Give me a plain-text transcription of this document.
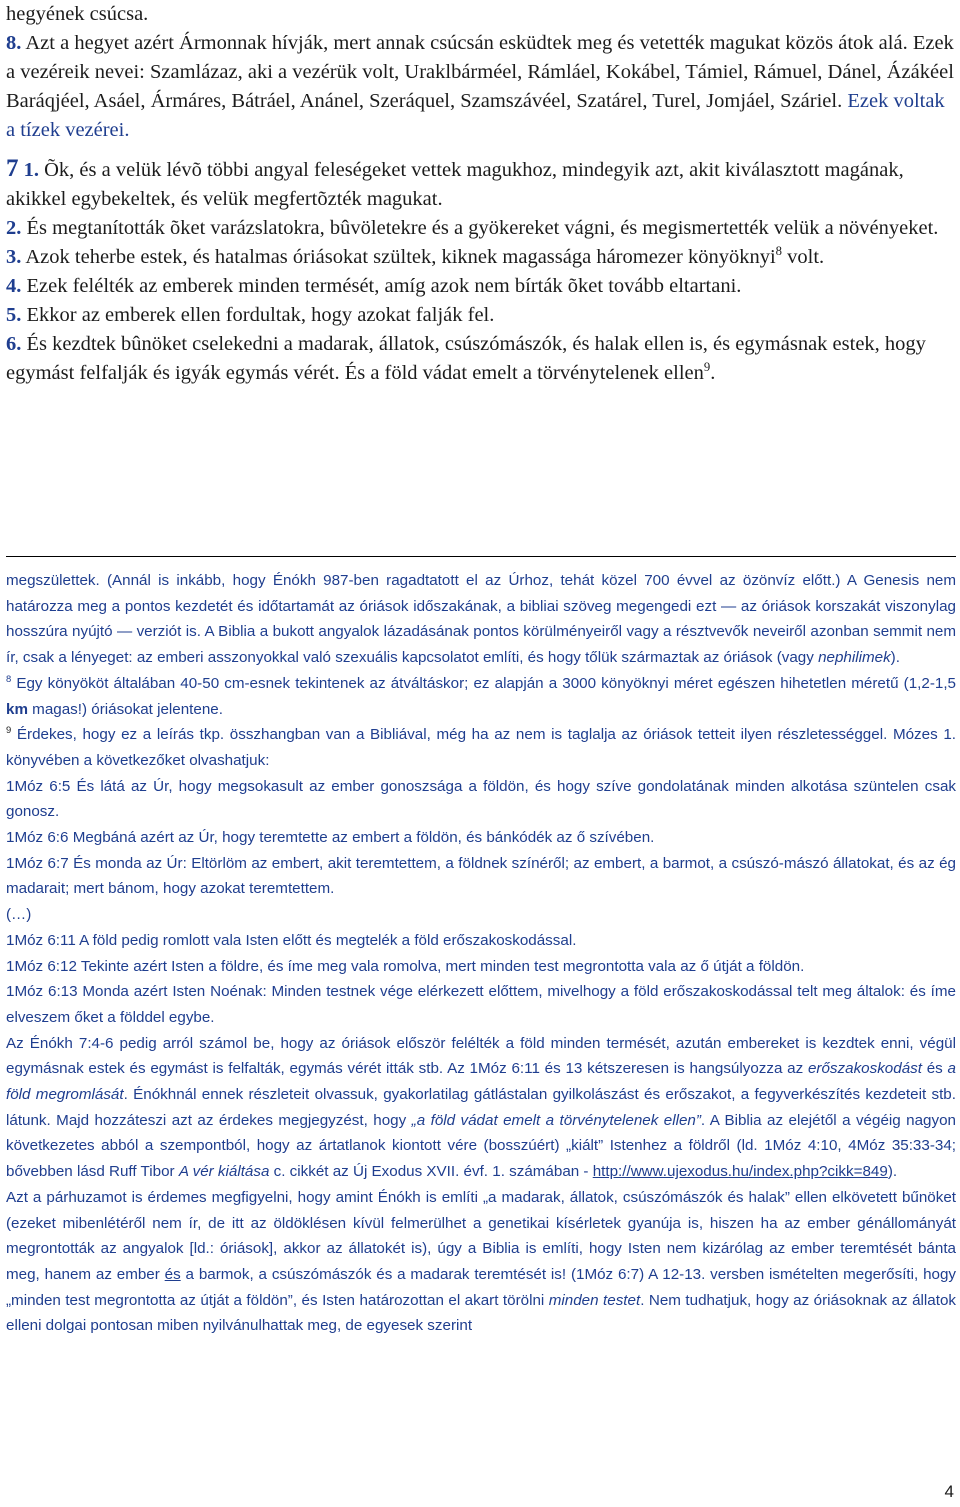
hegyének csúcsa.
8. Azt a hegyet azért Ármonnak hívják, mert annak csúcsán esküdtek meg és vetették magukat közös átok alá. Ezek a vezéreik nevei: Szamlázaz, aki a vezérük volt, Uraklbárméel, Rámláel, Kokábel, Támiel, Rámuel, Dánel, Ázákéel Baráqjéel, Asáel, Ármáres, Bátráel, Anánel, Szeráquel, Szamszávéel, Szatárel, Turel, Jomjáel, Száriel. Ezek voltak a tízek vezérei.

7 1. Õk, és a velük lévõ többi angyal feleségeket vettek magukhoz, mindegyik azt, akit kiválasztott magának, akikkel egybekeltek, és velük megfertõzték magukat.

2. És megtanították õket varázslatokra, bûvöletekre és a gyökereket vágni, és megismertették velük a növényeket.

3. Azok teherbe estek, és hatalmas óriásokat szültek, kiknek magassága háromezer könyöknyi$^8$ volt.

4. Ezek felélték az emberek minden termését, amíg azok nem bírták õket tovább eltartani.

5. Ekkor az emberek ellen fordultak, hogy azokat falják fel.

6. És kezdtek bûnöket cselekedni a madarak, állatok, csúszómászók, és halak ellen is, és egymásnak estek, hogy egymást felfalják és igyák egymás vérét. És a föld vádat emelt a törvénytelenek ellen$^9$.

megszülettek. (Annál is inkább, hogy Énókh 987-ben ragadtatott el az Úrhoz, tehát közel 700 évvel az özönvíz előtt.) A Genesis nem határozza meg a pontos kezdetét és időtartamát az óriások időszakának, a bibliai szöveg megengedi ezt — az óriások korszakát viszonylag hosszúra nyújtó — verziót is. A Biblia a bukott angyalok lázadásának pontos körülményeiről vagy a résztvevők neveiről azonban semmit nem ír, csak a lényeget: az emberi asszonyokkal való szexuális kapcsolatot említi, és hogy tőlük származtak az óriások (vagy nephilimek).

$^8$ Egy könyököt általában 40-50 cm-esnek tekintenek az átváltáskor; ez alapján a 3000 könyöknyi méret egészen hihetetlen méretű (1,2-1,5 km magas!) óriásokat jelentene.

$^9$ Érdekes, hogy ez a leírás tkp. összhangban van a Bibliával, még ha az nem is taglalja az óriások tetteit ilyen részletességgel. Mózes 1. könyvében a következőket olvashatjuk:

1Móz 6:5 És látá az Úr, hogy megsokasult az ember gonoszsága a földön, és hogy szíve gondolatának minden alkotása szüntelen csak gonosz.

1Móz 6:6 Megbáná azért az Úr, hogy teremtette az embert a földön, és bánkódék az ő szívében.

1Móz 6:7 És monda az Úr: Eltörlöm az embert, akit teremtettem, a földnek színéről; az embert, a barmot, a csúszó-mászó állatokat, és az ég madarait; mert bánom, hogy azokat teremtettem.

(…)

1Móz 6:11 A föld pedig romlott vala Isten előtt és megtelék a föld erőszakoskodással.

1Móz 6:12 Tekinte azért Isten a földre, és íme meg vala romolva, mert minden test megrontotta vala az ő útját a földön.

1Móz 6:13 Monda azért Isten Noénak: Minden testnek vége elérkezett előttem, mivelhogy a föld erőszakoskodással telt meg általok: és íme elveszem őket a földdel egybe.

Az Énókh 7:4-6 pedig arról számol be, hogy az óriások először felélték a föld minden termését, azután embereket is kezdtek enni, végül egymásnak estek és egymást is felfalták, egymás vérét itták stb. Az 1Móz 6:11 és 13 kétszeresen is hangsúlyozza az erőszakoskodást és a föld megromlását. Énókhnál ennek részleteit olvassuk, gyakorlatilag gátlástalan gyilkolászást és erőszakot, a fegyverkészítés kezdeteit stb. látunk. Majd hozzáteszi azt az érdekes megjegyzést, hogy „a föld vádat emelt a törvénytelenek ellen”. A Biblia az elejétől a végéig nagyon következetes abból a szempontból, hogy az ártatlanok kiontott vére (bosszúért) „kiált” Istenhez a földről (ld. 1Móz 4:10, 4Móz 35:33-34; bővebben lásd Ruff Tibor A vér kiáltása c. cikkét az Új Exodus XVII. évf. 1. számában - http://www.ujexodus.hu/index.php?cikk=849).

Azt a párhuzamot is érdemes megfigyelni, hogy amint Énókh is említi „a madarak, állatok, csúszómászók és halak” ellen elkövetett bűnöket (ezeket mibenlétéről nem ír, de itt az öldöklésen kívül felmerülhet a genetikai kísérletek gyanúja is, hiszen ha az ember génállományát megrontották az angyalok [ld.: óriások], akkor az állatokét is), úgy a Biblia is említi, hogy Isten nem kizárólag az ember teremtését bánta meg, hanem az ember és a barmok, a csúszómászók és a madarak teremtését is! (1Móz 6:7) A 12-13. versben ismételten megerősíti, hogy „minden test megrontotta az útját a földön”, és Isten határozottan el akart törölni minden testet. Nem tudhatjuk, hogy az óriásoknak az állatok elleni dolgai pontosan miben nyilvánulhattak meg, de egyesek szerint

4
